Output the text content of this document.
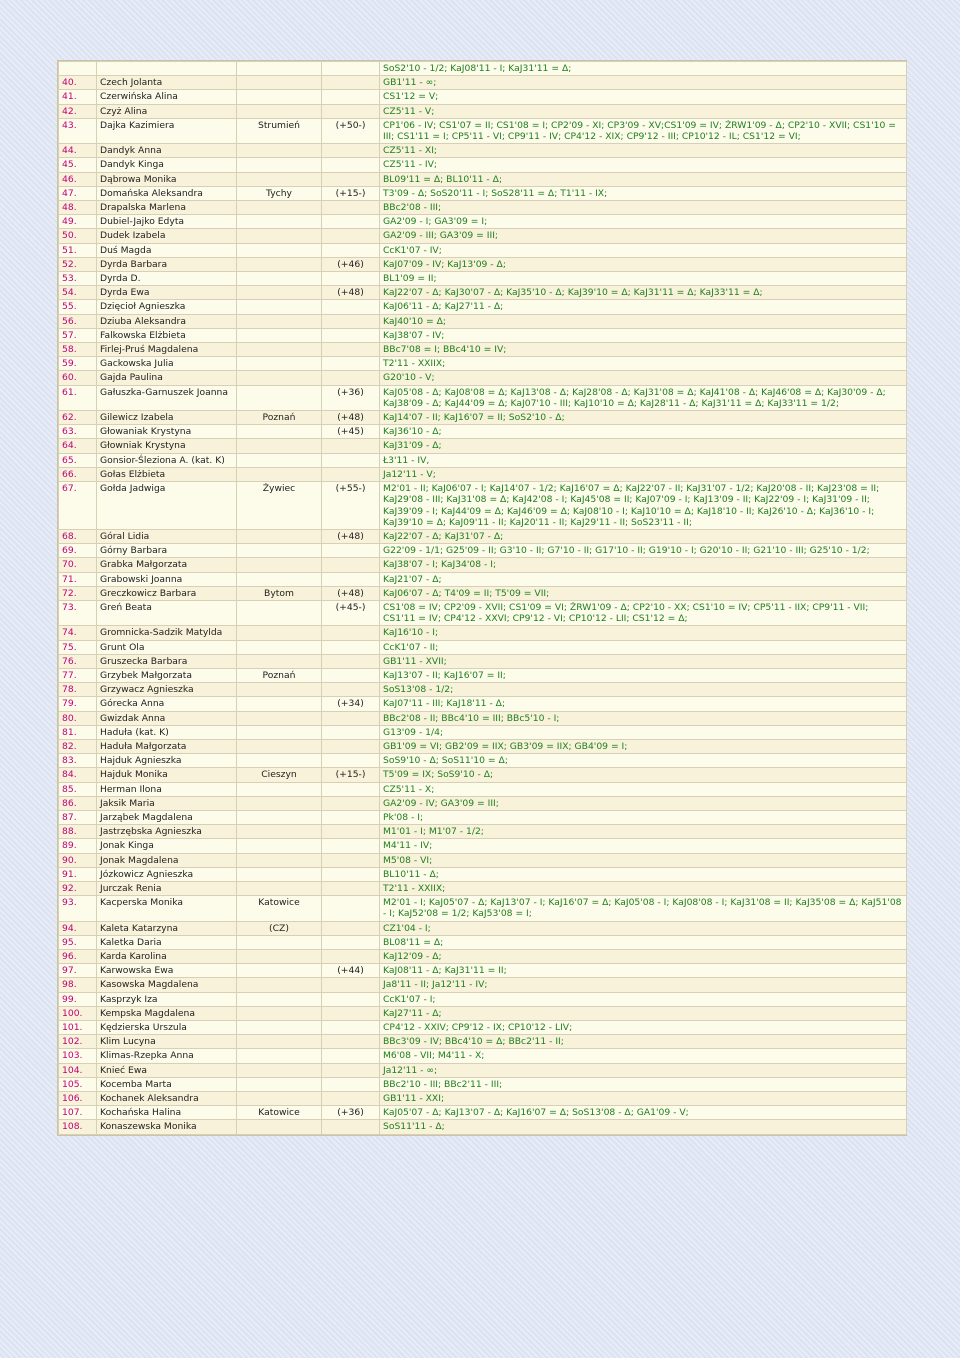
				SoS2'10 - 1/2; KaJ08'11 - I; KaJ31'11 = Δ;
40.	Czech Jolanta			GB1'11 - ∞;
41.	Czerwińska Alina			CS1'12 = V;
42.	Czyż Alina			CZ5'11 - V;
43.	Dajka Kazimiera	Strumień	(+50-)	CP1'06 - IV; CS1'07 = II; CS1'08 = I; CP2'09 - XI; CP3'09 - XV;CS1'09 = IV; ŻRW1'09 - Δ; CP2'10 - XVII; CS1'10 = III; CS1'11 = I; CP5'11 - VI; CP9'11 - IV; CP4'12 - XIX; CP9'12 - III; CP10'12 - IL; CS1'12 = VI;
44.	Dandyk Anna			CZ5'11 - XI;
45.	Dandyk Kinga			CZ5'11 - IV;
46.	Dąbrowa Monika			BL09'11 = Δ; BL10'11 - Δ;
47.	Domańska Aleksandra	Tychy	(+15-)	T3'09 - Δ; SoS20'11 - I; SoS28'11 = Δ; T1'11 - IX;
48.	Drapalska Marlena			BBc2'08 - III;
49.	Dubiel-Jajko Edyta			GA2'09 - I; GA3'09 = I;
50.	Dudek Izabela			GA2'09 - III; GA3'09 = III;
51.	Duś Magda			CcK1'07 - IV;
52.	Dyrda Barbara		(+46)	KaJ07'09 - IV; KaJ13'09 - Δ;
53.	Dyrda D.			BL1'09 = II;
54.	Dyrda Ewa		(+48)	KaJ22'07 - Δ; KaJ30'07 - Δ; KaJ35'10 - Δ; KaJ39'10 = Δ; KaJ31'11 = Δ; KaJ33'11 = Δ;
55.	Dzięcioł Agnieszka			KaJ06'11 - Δ; KaJ27'11 - Δ;
56.	Dziuba Aleksandra			KaJ40'10 = Δ;
57.	Falkowska Elżbieta			KaJ38'07 - IV;
58.	Firlej-Pruś Magdalena			BBc7'08 = I; BBc4'10 = IV;
59.	Gackowska Julia			T2'11 - XXIIX;
60.	Gajda Paulina			G20'10 - V;
61.	Gałuszka-Garnuszek Joanna		(+36)	KaJ05'08 - Δ; KaJ08'08 = Δ; KaJ13'08 - Δ; KaJ28'08 - Δ; KaJ31'08 = Δ; KaJ41'08 - Δ; KaJ46'08 = Δ; KaJ30'09 - Δ; KaJ38'09 - Δ; KaJ44'09 = Δ; KaJ07'10 - III; KaJ10'10 = Δ; KaJ28'11 - Δ; KaJ31'11 = Δ; KaJ33'11 = 1/2;
62.	Gilewicz Izabela	Poznań	(+48)	KaJ14'07 - II; KaJ16'07 = II; SoS2'10 - Δ;
63.	Głowaniak Krystyna		(+45)	KaJ36'10 - Δ;
64.	Głowniak Krystyna			KaJ31'09 - Δ;
65.	Gonsior-Śleziona A. (kat. K)			Ł3'11 - IV,
66.	Gołas Elżbieta			Ja12'11 - V;
67.	Gołda Jadwiga	Żywiec	(+55-)	M2'01 - II; KaJ06'07 - I; KaJ14'07 - 1/2; KaJ16'07 = Δ; KaJ22'07 - II; KaJ31'07 - 1/2; KaJ20'08 - II; KaJ23'08 = II; KaJ29'08 - III; KaJ31'08 = Δ; KaJ42'08 - I; KaJ45'08 = II; KaJ07'09 - I; KaJ13'09 - II; KaJ22'09 - I; KaJ31'09 - II; KaJ39'09 - I; KaJ44'09 = Δ; KaJ46'09 = Δ; KaJ08'10 - I; KaJ10'10 = Δ; KaJ18'10 - II; KaJ26'10 - Δ; KaJ36'10 - I; KaJ39'10 = Δ; KaJ09'11 - II; KaJ20'11 - II; KaJ29'11 - II; SoS23'11 - II;
68.	Góral Lidia		(+48)	KaJ22'07 - Δ; KaJ31'07 - Δ;
69.	Górny Barbara			G22'09 - 1/1; G25'09 - II; G3'10 - II; G7'10 - II; G17'10 - II; G19'10 - I; G20'10 - II; G21'10 - III; G25'10 - 1/2;
70.	Grabka Małgorzata			KaJ38'07 - I; KaJ34'08 - I;
71.	Grabowski Joanna			KaJ21'07 - Δ;
72.	Greczkowicz Barbara	Bytom	(+48)	KaJ06'07 - Δ; T4'09 = II; T5'09 = VII;
73.	Greń Beata		(+45-)	CS1'08 = IV; CP2'09 - XVII; CS1'09 = VI; ŻRW1'09 - Δ; CP2'10 - XX; CS1'10 = IV; CP5'11 - IIX; CP9'11 - VII; CS1'11 = IV; CP4'12 - XXVI; CP9'12 - VI; CP10'12 - LII; CS1'12 = Δ;
74.	Gromnicka-Sadzik Matylda			KaJ16'10 - I;
75.	Grunt Ola			CcK1'07 - II;
76.	Gruszecka Barbara			GB1'11 - XVII;
77.	Grzybek Małgorzata	Poznań		KaJ13'07 - II; KaJ16'07 = II;
78.	Grzywacz Agnieszka			SoS13'08 - 1/2;
79.	Górecka Anna		(+34)	KaJ07'11 - III; KaJ18'11 - Δ;
80.	Gwizdak Anna			BBc2'08 - II; BBc4'10 = III; BBc5'10 - I;
81.	Haduła (kat. K)			G13'09 - 1/4;
82.	Haduła Małgorzata			GB1'09 = VI; GB2'09 = IIX; GB3'09 = IIX; GB4'09 = I;
83.	Hajduk Agnieszka			SoS9'10 - Δ; SoS11'10 = Δ;
84.	Hajduk Monika	Cieszyn	(+15-)	T5'09 = IX; SoS9'10 - Δ;
85.	Herman Ilona			CZ5'11 - X;
86.	Jaksik Maria			GA2'09 - IV; GA3'09 = III;
87.	Jarząbek Magdalena			Pk'08 - I;
88.	Jastrzębska Agnieszka			M1'01 - I; M1'07 - 1/2;
89.	Jonak Kinga			M4'11 - IV;
90.	Jonak Magdalena			M5'08 - VI;
91.	Józkowicz Agnieszka			BL10'11 - Δ;
92.	Jurczak Renia			T2'11 - XXIIX;
93.	Kacperska Monika	Katowice		M2'01 - I; KaJ05'07 - Δ; KaJ13'07 - I; KaJ16'07 = Δ; KaJ05'08 - I; KaJ08'08 - I; KaJ31'08 = II; KaJ35'08 = Δ; KaJ51'08 - I; KaJ52'08 = 1/2; KaJ53'08 = I;
94.	Kaleta Katarzyna	(CZ)		CZ1'04 - I;
95.	Kaletka Daria			BL08'11 = Δ;
96.	Karda Karolina			KaJ12'09 - Δ;
97.	Karwowska Ewa		(+44)	KaJ08'11 - Δ; KaJ31'11 = II;
98.	Kasowska Magdalena			Ja8'11 - II; Ja12'11 - IV;
99.	Kasprzyk Iza			CcK1'07 - I;
100.	Kempska Magdalena			KaJ27'11 - Δ;
101.	Kędzierska Urszula			CP4'12 - XXIV; CP9'12 - IX; CP10'12 - LIV;
102.	Klim Lucyna			BBc3'09 - IV; BBc4'10 = Δ; BBc2'11 - II;
103.	Klimas-Rzepka Anna			M6'08 - VII; M4'11 - X;
104.	Knieć Ewa			Ja12'11 - ∞;
105.	Kocemba Marta			BBc2'10 - III; BBc2'11 - III;
106.	Kochanek Aleksandra			GB1'11 - XXI;
107.	Kochańska Halina	Katowice	(+36)	KaJ05'07 - Δ; KaJ13'07 - Δ; KaJ16'07 = Δ; SoS13'08 - Δ; GA1'09 - V;
108.	Konaszewska Monika			SoS11'11 - Δ;
